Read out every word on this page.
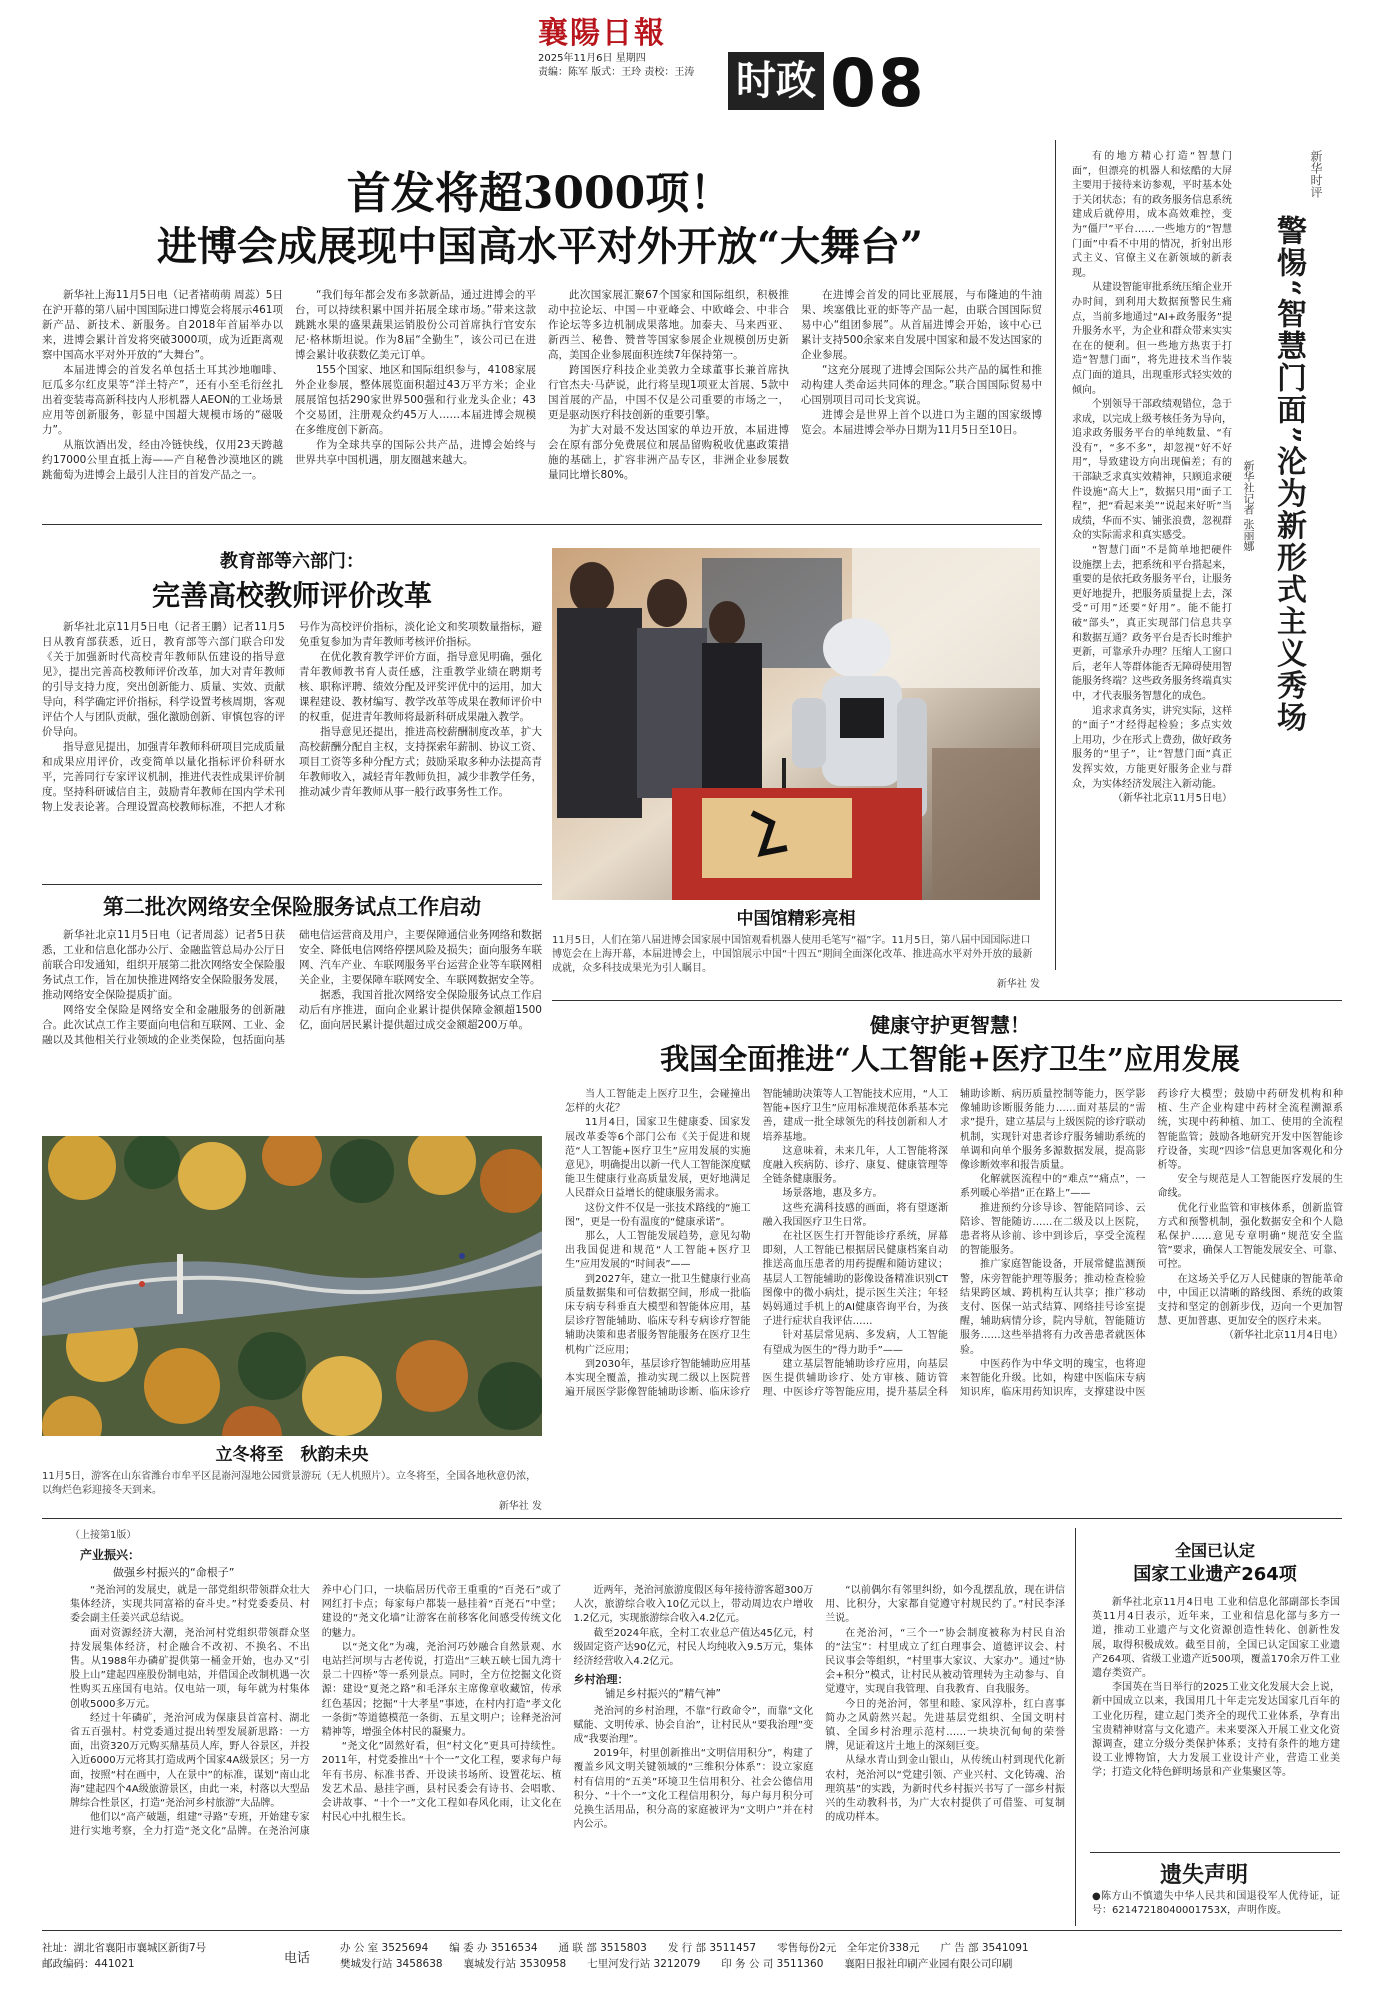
襄陽日報
2025年11月6日 星期四
责编：陈军 版式：王玲 责校：王涛	时政 08
首发将超3000项！
进博会成展现中国高水平对外开放“大舞台”

新华社上海11月5日电（记者褚萌萌 周蕊）5日在沪开幕的第八届中国国际进口博览会将展示461项新产品、新技术、新服务。自2018年首届举办以来，进博会累计首发将突破3000项，成为近距离观察中国高水平对外开放的“大舞台”。

本届进博会的首发名单包括土耳其沙地咖啡、厄瓜多尔红皮果等“洋土特产”，还有小至毛衍丝扎出着变装毒高新科技内人形机器人AEON的工业场景应用等创新服务，彰显中国超大规模市场的“磁吸力”。

从瓶饮酒出发，经由冷链快线，仅用23天跨越约17000公里直抵上海——产自秘鲁沙漠地区的跳跳葡萄为进博会上最引人注目的首发产品之一。

“我们每年都会发布多款新品，通过进博会的平台，可以持续积累中国并拓展全球市场。”带来这款跳跳水果的盛果蔬果运销股份公司首席执行官安东尼·格林斯坦说。作为8届“全勤生”，该公司已在进博会累计收获数亿美元订单。

155个国家、地区和国际组织参与，4108家展外企业参展，整体展览面积超过43万平方米；企业展展馆包括290家世界500强和行业龙头企业；43个交易团，注册观众约45万人……本届进博会规模在多维度创下新高。

作为全球共享的国际公共产品，进博会始终与世界共享中国机遇，朋友圈越来越大。

此次国家展汇聚67个国家和国际组织，积极推动中拉论坛、中国－中亚峰会、中欧峰会、中非合作论坛等多边机制成果落地。加泰夫、马来西亚、新西兰、秘鲁、赞普等国家参展企业规模创历史新高，美国企业参展面积连续7年保持第一。

跨国医疗科技企业美敦力全球董事长兼首席执行官杰夫·马萨说，此行将呈现1项亚太首展、5款中国首展的产品，中国不仅是公司重要的市场之一，更是驱动医疗科技创新的重要引擎。

为扩大对最不发达国家的单边开放，本届进博会在原有部分免费展位和展品留购税收优惠政策措施的基础上，扩容非洲产品专区，非洲企业参展数量同比增长80%。

在进博会首发的同比亚展展，与布隆迪的牛油果、埃塞俄比亚的虾等产品一起，由联合国国际贸易中心“组团参展”。从首届进博会开始，该中心已累计支持500余家来自发展中国家和最不发达国家的企业参展。

“这充分展现了进博会国际公共产品的属性和推动构建人类命运共同体的理念。”联合国国际贸易中心国别项目司司长戈宾说。

进博会是世界上首个以进口为主题的国家级博览会。本届进博会举办日期为11月5日至10日。

新华时评
警惕“智慧门面”沦为新形式主义秀场
新华社记者 张丽娜

有的地方精心打造“智慧门面”，但漂亮的机器人和炫酷的大屏主要用于接待来访参观，平时基本处于关闭状态；有的政务服务信息系统建成后就停用，成本高效难控，变为“僵尸”平台……一些地方的“智慧门面”中看不中用的情况，折射出形式主义、官僚主义在新领域的新表现。

从建设智能审批系统压缩企业开办时间，到利用大数据预警民生痛点，当前多地通过“AI+政务服务”提升服务水平，为企业和群众带来实实在在的便利。但一些地方热衷于打造“智慧门面”，将先进技术当作装点门面的道具，出现重形式轻实效的倾向。

个别领导干部政绩观错位，急于求成，以完成上级考核任务为导向，追求政务服务平台的单纯数量、“有没有”，“多不多”，却忽视“好不好用”，导致建设方向出现偏差；有的干部缺乏求真实效精神，只顾追求硬件设施“高大上”，数据只用“面子工程”，把“看起来美”“说起来好听”当成绩，华而不实、铺张浪费，忽视群众的实际需求和真实感受。

“智慧门面”不是简单地把硬件设施摆上去，把系统和平台搭起来，重要的是依托政务服务平台，让服务更好地提升，把服务质量提上去，深受“可用”还要“好用”。能不能打破“部头”，真正实现部门信息共享和数据互通？政务平台是否长时维护更新，可靠承升办理？压缩人工窗口后，老年人等群体能否无障碍使用智能服务终端？这些政务服务终端真实中，才代表服务智慧化的成色。

追求求真务实，讲究实际，这样的“面子”才经得起检验；多点实效上用功，少在形式上费劲，做好政务服务的“里子”，让“智慧门面”真正发挥实效，方能更好服务企业与群众，为实体经济发展注入新动能。

（新华社北京11月5日电）

教育部等六部门：
完善高校教师评价改革

新华社北京11月5日电（记者王鹏）记者11月5日从教育部获悉，近日，教育部等六部门联合印发《关于加强新时代高校青年教师队伍建设的指导意见》，提出完善高校教师评价改革，加大对青年教师的引导支持力度，突出创新能力、质量、实效、贡献导向，科学确定评价指标，科学设置考核周期，客观评估个人与团队贡献，强化激励创新、审慎包容的评价导向。

指导意见提出，加强青年教师科研项目完成质量和成果应用评价，改变简单以量化指标评价科研水平，完善同行专家评议机制，推进代表性成果评价制度。坚持科研诚信自主，鼓励青年教师在国内学术刊物上发表论著。合理设置高校教师标准，不把人才称号作为高校评价指标，淡化论文和奖项数量指标，避免重复参加为青年教师考核评价指标。

在优化教育教学评价方面，指导意见明确，强化青年教师教书育人责任感，注重教学业绩在聘期考核、职称评聘、绩效分配及评奖评优中的运用，加大课程建设、教材编写、教学改革等成果在教师评价中的权重，促进青年教师将最新科研成果融入教学。

指导意见还提出，推进高校薪酬制度改革，扩大高校薪酬分配自主权，支持探索年薪制、协议工资、项目工资等多种分配方式；鼓励采取多种办法提高青年教师收入，减轻青年教师负担，减少非教学任务，推动减少青年教师从事一般行政事务性工作。

第二批次网络安全保险服务试点工作启动

新华社北京11月5日电（记者周蕊）记者5日获悉，工业和信息化部办公厅、金融监管总局办公厅日前联合印发通知，组织开展第二批次网络安全保险服务试点工作，旨在加快推进网络安全保险服务发展，推动网络安全保险提质扩面。

网络安全保险是网络安全和金融服务的创新融合。此次试点工作主要面向电信和互联网、工业、金融以及其他相关行业领域的企业类保险，包括面向基础电信运营商及用户，主要保障通信业务网络和数据安全、降低电信网络停摆风险及损失；面向服务车联网、汽车产业、车联网服务平台运营企业等车联网相关企业，主要保障车联网安全、车联网数据安全等。

据悉，我国首批次网络安全保险服务试点工作启动后有序推进，面向企业累计提供保障金额超1500亿，面向居民累计提供超过成交金额超200万单。

中国馆精彩亮相
11月5日，人们在第八届进博会国家展中国馆观看机器人使用毛笔写“福”字。11月5日，第八届中国国际进口博览会在上海开幕，本届进博会上，中国馆展示中国“十四五”期间全面深化改革、推进高水平对外开放的最新成就，众多科技成果光为引人瞩目。
新华社 发
健康守护更智慧！
我国全面推进“人工智能+医疗卫生”应用发展

当人工智能走上医疗卫生，会碰撞出怎样的火花？

11月4日，国家卫生健康委、国家发展改革委等6个部门公布《关于促进和规范“人工智能+医疗卫生”应用发展的实施意见》，明确提出以新一代人工智能深度赋能卫生健康行业高质量发展，更好地满足人民群众日益增长的健康服务需求。

这份文件不仅是一张技术路线的“施工图”，更是一份有温度的“健康承诺”。

那么，人工智能发展趋势，意见勾勒出我国促进和规范“人工智能+医疗卫生”应用发展的“时间表”——

到2027年，建立一批卫生健康行业高质量数据集和可信数据空间，形成一批临床专病专科垂直大模型和智能体应用，基层诊疗智能辅助、临床专科专病诊疗智能辅助决策和患者服务智能服务在医疗卫生机构广泛应用；

到2030年，基层诊疗智能辅助应用基本实现全覆盖，推动实现二级以上医院普遍开展医学影像智能辅助诊断、临床诊疗智能辅助决策等人工智能技术应用，“人工智能+医疗卫生”应用标准规范体系基本完善，建成一批全球领先的科技创新和人才培养基地。

这意味着，未来几年，人工智能将深度融入疾病防、诊疗、康复、健康管理等全链条健康服务。

场景落地，惠及多方。

这些充满科技感的画面，将有望逐渐融入我国医疗卫生日常。

在社区医生打开智能诊疗系统，屏幕即刻，人工智能已根据居民健康档案自动推送高血压患者的用药提醒和随访建议；基层人工智能辅助的影像设备精准识别CT图像中的微小病灶，提示医生关注；年轻妈妈通过手机上的AI健康咨询平台，为孩子进行症状自我评估……

针对基层常见病、多发病，人工智能有望成为医生的“得力助手”——

建立基层智能辅助诊疗应用，向基层医生提供辅助诊疗、处方审核、随访管理、中医诊疗等智能应用，提升基层全科辅助诊断、病历质量控制等能力，医学影像辅助诊断服务能力……面对基层的“需求”提升，建立基层与上级医院的诊疗联动机制，实现针对患者诊疗服务辅助系统的单调和向单个服务多源数据发展，提高影像诊断效率和报告质量。

化解就医流程中的“难点”“痛点”，一系列暖心举措“正在路上”——

推进预约分诊导诊、智能陪同诊、云陪诊、智能随访……在二级及以上医院，患者将从诊前、诊中到诊后，享受全流程的智能服务。

推广家庭智能设备，开展常健监测预警，床旁智能护理等服务；推动检查检验结果跨区域、跨机构互认共享；推广移动支付、医保一站式结算、网络挂号诊室提醒，辅助病情分诊，院内导航，智能随访服务……这些举措将有力改善患者就医体验。

中医药作为中华文明的瑰宝，也将迎来智能化升级。比如，构建中医临床专病知识库，临床用药知识库，支撑建设中医药诊疗大模型；鼓励中药研发机构和种植、生产企业构建中药材全流程溯源系统，实现中药种植、加工、使用的全流程智能监管；鼓励各地研究开发中医智能诊疗设备，实现“四诊”信息更加客观化和分析等。

安全与规范是人工智能医疗发展的生命线。

优化行业监管和审核体系，创新监管方式和预警机制，强化数据安全和个人隐私保护……意见专章明确“规范安全监管”要求，确保人工智能发展安全、可靠、可控。

在这场关乎亿万人民健康的智能革命中，中国正以清晰的路线图、系统的政策支持和坚定的创新步伐，迈向一个更加智慧、更加普惠、更加安全的医疗未来。

（新华社北京11月4日电）

立冬将至　秋韵未央
11月5日，游客在山东省潍台市牟平区昆嵛河湿地公园赏景游玩（无人机照片）。立冬将至，全国各地秋意仍浓，以绚烂色彩迎接冬天到来。
新华社 发
（上接第1版）
产业振兴：
做强乡村振兴的“命根子”

“尧治河的发展史，就是一部党组织带领群众壮大集体经济，实现共同富裕的奋斗史。”村党委委员、村委会副主任姜兴武总结说。

面对资源经济大潮，尧治河村党组织带领群众坚持发展集体经济，村企融合不改初、不换名、不出售。从1988年办磷矿提供第一桶金开始，也办又“引股上山”建起四座股份制电站，并借国企改制机遇一次性购买五座国有电站。仅电站一项，每年就为村集体创收5000多万元。

经过十年磷矿，尧治河成为保康县首富村、湖北省五百强村。村党委通过提出转型发展新思路：一方面，出资320万元购买鼎基员人库，野人谷景区，并投入近6000万元将其打造成两个国家4A级景区；另一方面，按照“村在画中，人在景中”的标准，谋划“南山北海”建起四个4A级旅游景区，由此一来，村落以大型品牌综合性景区，打造“尧治河乡村旅游”大品牌。

他们以“高产破题，组建“寻路”专班，开始建专家进行实地考察，全力打造“尧文化”品牌。在尧治河康养中心门口，一块临居历代帝王重重的“百尧石”或了网红打卡点；每家每户都装一悬挂着“百尧石”中堂；建设的“尧文化墙”让游客在前移客化间感受传统文化的魅力。

以“尧文化”为魂，尧治河巧妙融合自然景观、水电站拦河坝与古老传说，打造出“三峡五峡七国九湾十景二十四桥”等一系列景点。同时，全方位挖掘文化资源：建设“夏尧之路”和毛泽东主席像章收藏馆，传承红色基因；挖掘“十大孝星”事迹，在村内打造“孝文化一条街”等道德模范一条街、五星文明户；诠释尧治河精神等，增强全体村民的凝聚力。

“尧文化”固然好看，但“村文化”更具可持续性。2011年，村党委推出“十个一”文化工程，要求每户每年有书房、标准书香、开设读书场所、设置花坛、植发艺术品、悬挂字画，县村民委会有诗书、会唱歌、会讲故事、“十个一”文化工程如春风化雨，让文化在村民心中扎根生长。

近两年，尧治河旅游度假区每年接待游客超300万人次，旅游综合收入10亿元以上，带动周边农户增收1.2亿元，实现旅游综合收入4.2亿元。

截至2024年底，全村工农业总产值达45亿元，村级固定资产达90亿元，村民人均纯收入9.5万元，集体经济经营收入4.2亿元。

乡村治理：
铺足乡村振兴的“精气神”

尧治河的乡村治理，不靠“行政命令”，而靠“文化赋能、文明传承、协会自治”，让村民从“要我治理”变成“我要治理”。

2019年，村里创新推出“文明信用积分”，构建了覆盖乡风文明关键领域的“三维积分体系”：设立家庭村有信用的“五美”环境卫生信用积分、社会公德信用积分、“十个一”文化工程信用积分，每户每月积分可兑换生活用品，积分高的家庭被评为“文明户”并在村内公示。

“以前偶尔有邻里纠纷，如今乱摆乱放，现在讲信用、比积分，大家都自觉遵守村规民约了。”村民李泽兰说。

在尧治河，“三个一”协会制度被称为村民自治的“法宝”：村里成立了红白理事会、道德评议会、村民议事会等组织，“村里事大家议、大家办”。通过“协会+积分”模式，让村民从被动管理转为主动参与、自觉遵守，实现自我管理、自我教育、自我服务。

今日的尧治河，邻里和睦、家风淳朴，红白喜事简办之风蔚然兴起。先进基层党组织、全国文明村镇、全国乡村治理示范村……一块块沉甸甸的荣誉牌，见证着这片土地上的深刻巨变。

从绿水青山到金山银山，从传统山村到现代化新农村，尧治河以“党建引领、产业兴村、文化铸魂、治理筑基”的实践，为新时代乡村振兴书写了一部乡村振兴的生动教科书，为广大农村提供了可借鉴、可复制的成功样本。

全国已认定
国家工业遗产264项

新华社北京11月4日电 工业和信息化部副部长李国英11月4日表示，近年来，工业和信息化部与多方一道，推动工业遗产与文化资源创造性转化、创新性发展，取得积极成效。截至目前，全国已认定国家工业遗产264项、省级工业遗产近500项，覆盖170余万件工业遗存类资产。

李国英在当日举行的2025工业文化发展大会上说，新中国成立以来，我国用几十年走完发达国家几百年的工业化历程，建立起门类齐全的现代工业体系，孕育出宝贵精神财富与文化遗产。未来要深入开展工业文化资源调查，建立分级分类保护体系；支持有条件的地方建设工业博物馆，大力发展工业设计产业，营造工业美学；打造文化特色鲜明场景和产业集聚区等。

遗失声明
●陈方山不慎遗失中华人民共和国退役军人优待证，证号：62147218040001753X，声明作废。
社址：湖北省襄阳市襄城区新街7号
邮政编码：441021	电话
办 公 室 3525694　　编 委 办 3516534　　通 联 部 3515803　　发 行 部 3511457　　零售每份2元　全年定价338元　　广 告 部 3541091
樊城发行站 3458638　　襄城发行站 3530958　　七里河发行站 3212079　　印 务 公 司 3511360　　襄阳日报社印刷产业园有限公司印刷
